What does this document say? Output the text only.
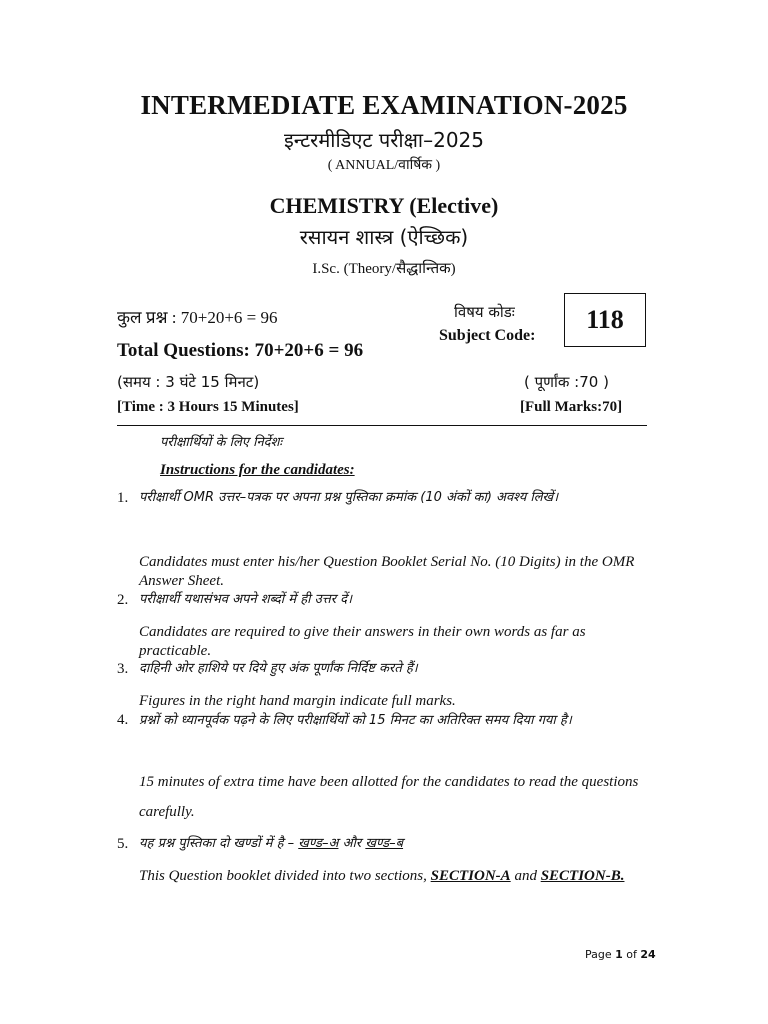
INTERMEDIATE EXAMINATION-2025
इन्टरमीडिएट परीक्षा–2025
( ANNUAL/वार्षिक )
CHEMISTRY (Elective)
रसायन शास्त्र (ऐच्छिक)
I.Sc. (Theory/सैद्धान्तिक)
कुल प्रश्न : 70+20+6 = 96
Total Questions: 70+20+6 = 96
(समय : 3 घंटे 15 मिनट)
[Time : 3 Hours 15 Minutes]
विषय कोडः
Subject Code:
118
( पूर्णांक :70 )
[Full Marks:70]
परीक्षार्थियों के लिए निर्देशः
Instructions for the candidates:
1. परीक्षार्थी OMR उत्तर–पत्रक पर अपना प्रश्न पुस्तिका क्रमांक (10 अंकों का) अवश्य लिखें।
Candidates must enter his/her Question Booklet Serial No. (10 Digits) in the OMR Answer Sheet.
2. परीक्षार्थी यथासंभव अपने शब्दों में ही उत्तर दें।
Candidates are required to give their answers in their own words as far as practicable.
3. दाहिनी ओर हाशिये पर दिये हुए अंक पूर्णांक निर्दिष्ट करते हैं।
Figures in the right hand margin indicate full marks.
4. प्रश्नों को ध्यानपूर्वक पढ़ने के लिए परीक्षार्थियों को 15 मिनट का अतिरिक्त समय दिया गया है।
15 minutes of extra time have been allotted for the candidates to read the questions carefully.
5. यह प्रश्न पुस्तिका दो खण्डों में है – खण्ड–अ और खण्ड–ब
This Question booklet divided into two sections, SECTION-A and SECTION-B.
Page 1 of 24
